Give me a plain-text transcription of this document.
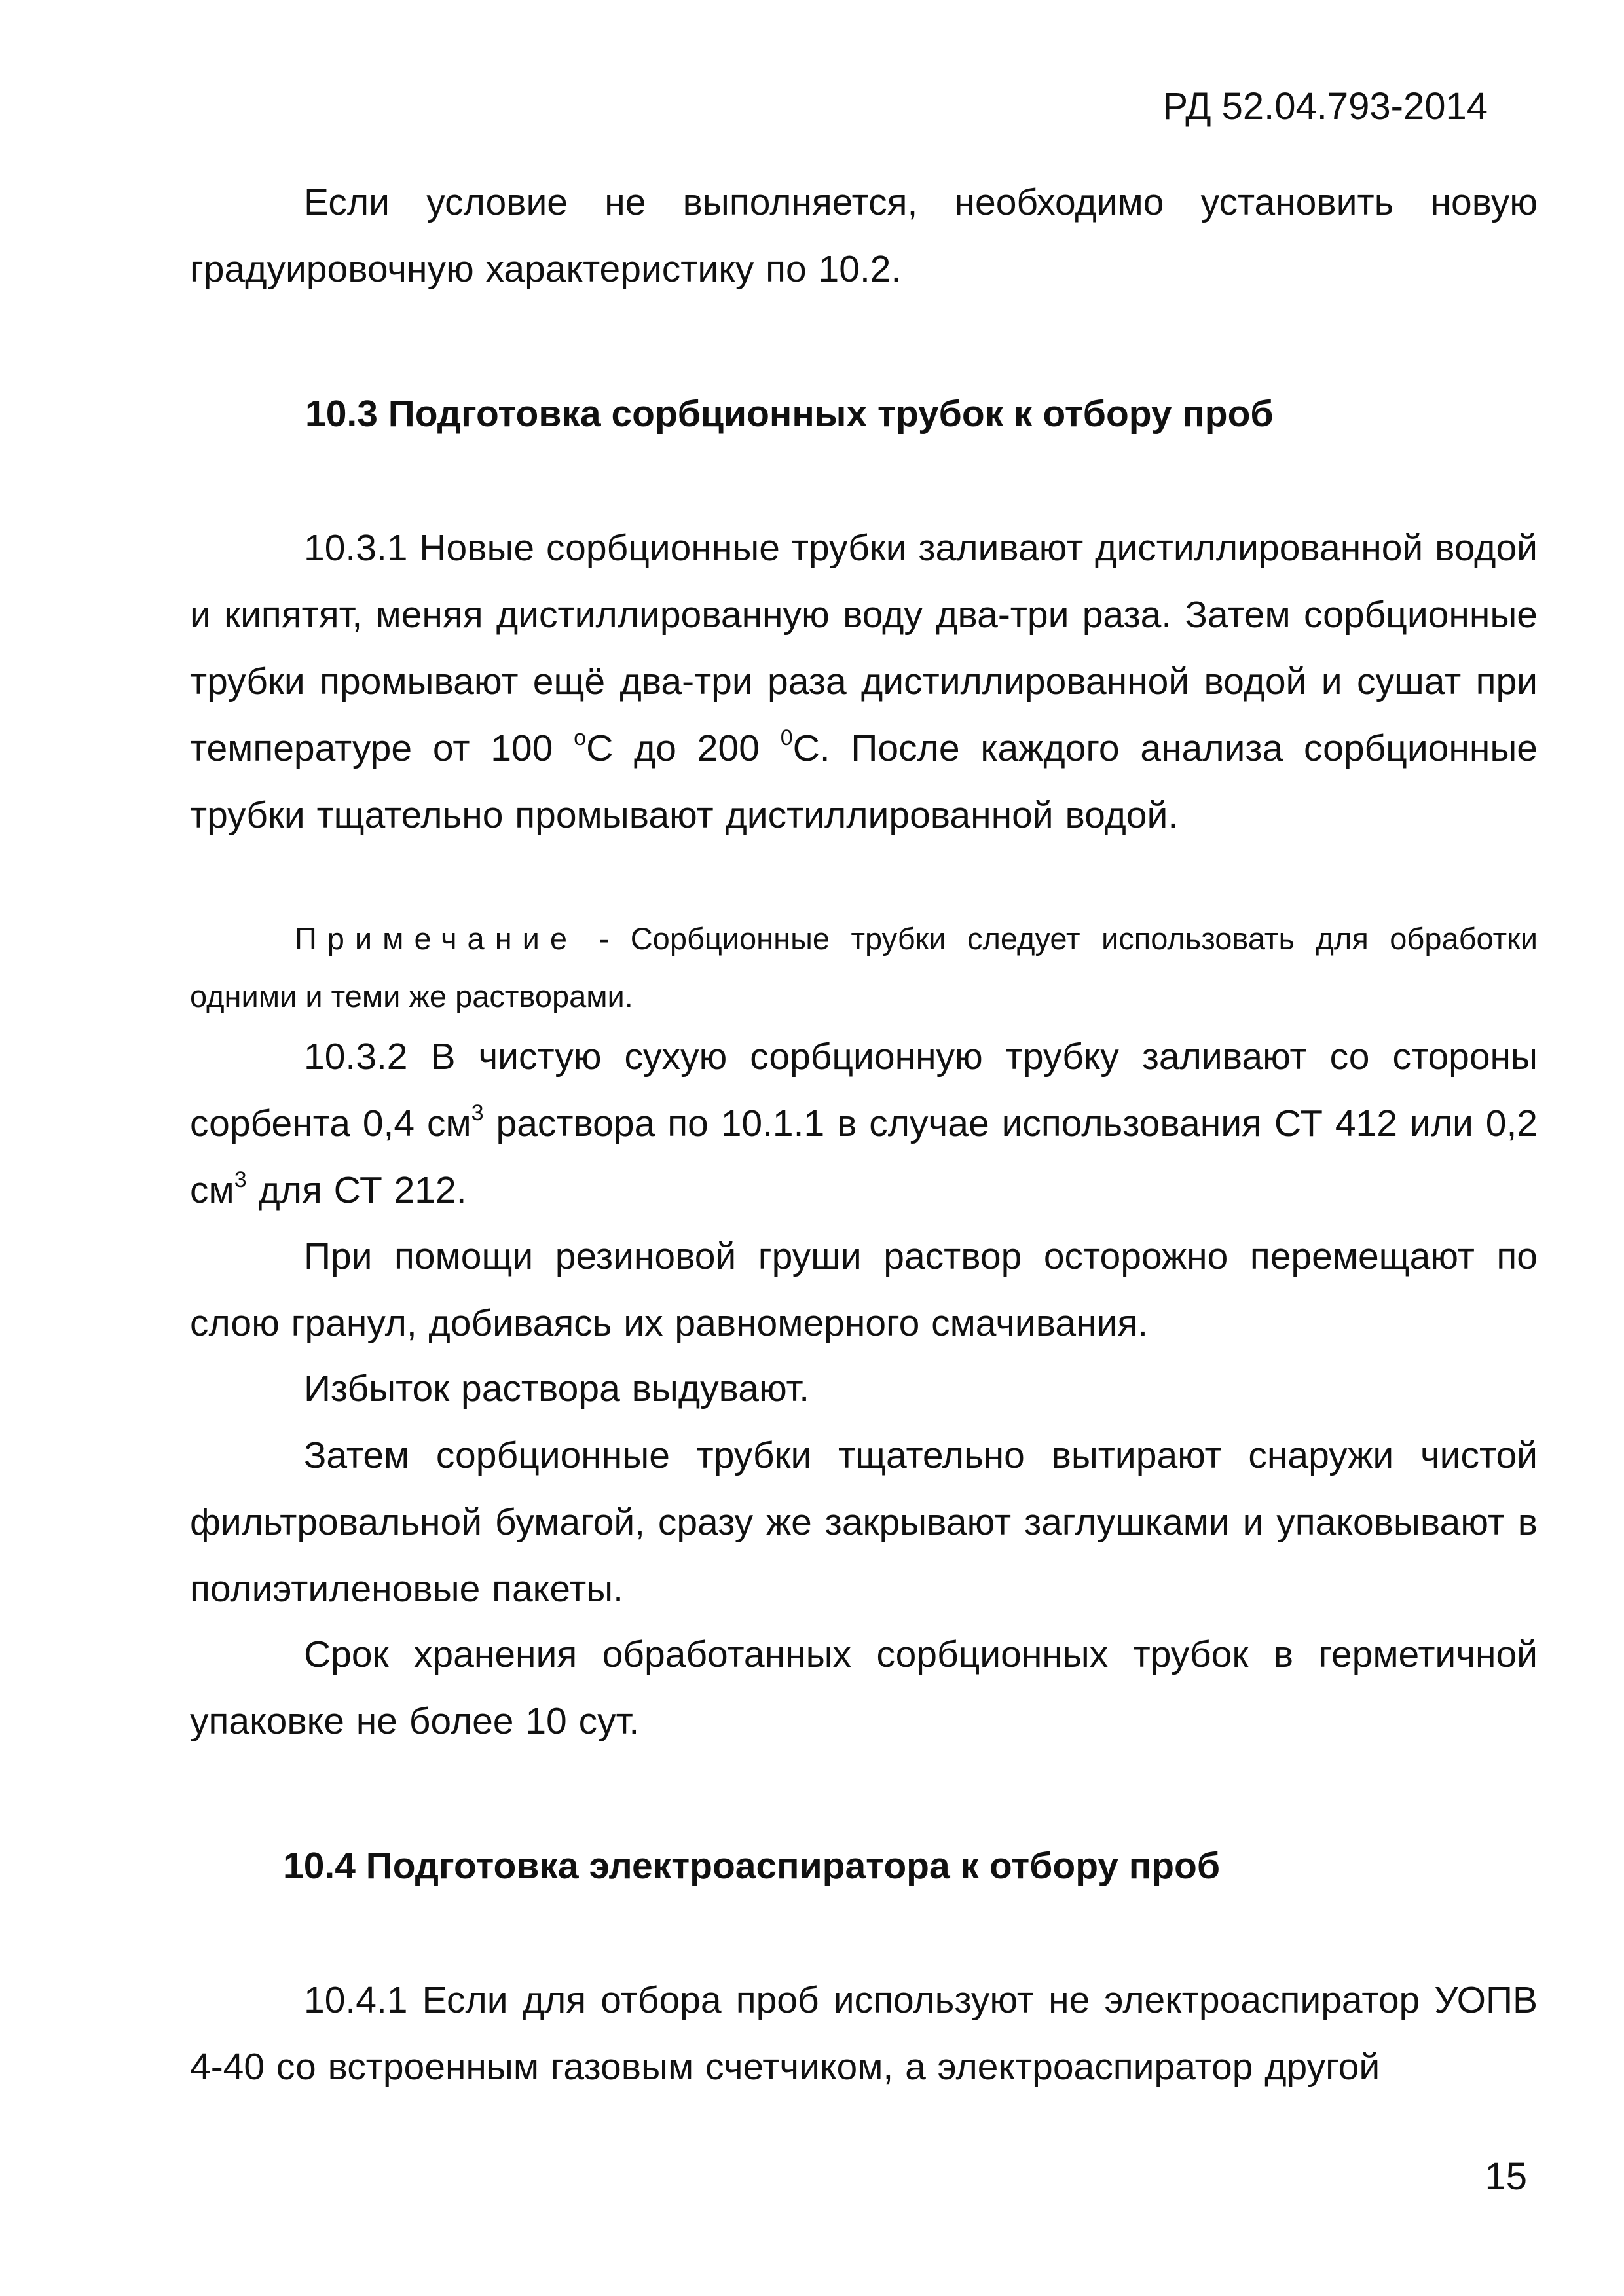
РД 52.04.793-2014
Если условие не выполняется, необходимо установить новую градуировочную характеристику по 10.2.
10.3 Подготовка сорбционных трубок к отбору проб
10.3.1 Новые сорбционные трубки заливают дистиллированной водой и кипятят, меняя дистиллированную воду два-три раза. Затем сорбционные трубки промывают ещё два-три раза дистиллированной водой и сушат при температуре от 100 $^о$С до 200 $^0$С. После каждого анализа сорбционные трубки тщательно промывают дистиллированной водой.
Примечание - Сорбционные трубки следует использовать для обработки одними и теми же растворами.
10.3.2 В чистую сухую сорбционную трубку заливают со стороны сорбента 0,4 $см^3$ раствора по 10.1.1 в случае использования СТ 412 или 0,2 $см^3$ для СТ 212.
При помощи резиновой груши раствор осторожно перемещают по слою гранул, добиваясь их равномерного смачивания.
Избыток раствора выдувают.
Затем сорбционные трубки тщательно вытирают снаружи чистой фильтровальной бумагой, сразу же закрывают заглушками и упаковывают в полиэтиленовые пакеты.
Срок хранения обработанных сорбционных трубок в герметичной упаковке не более 10 сут.
10.4 Подготовка электроаспиратора к отбору проб
10.4.1 Если для отбора проб используют не электроаспиратор УОПВ 4-40 со встроенным газовым счетчиком, а электроаспиратор другой
15
